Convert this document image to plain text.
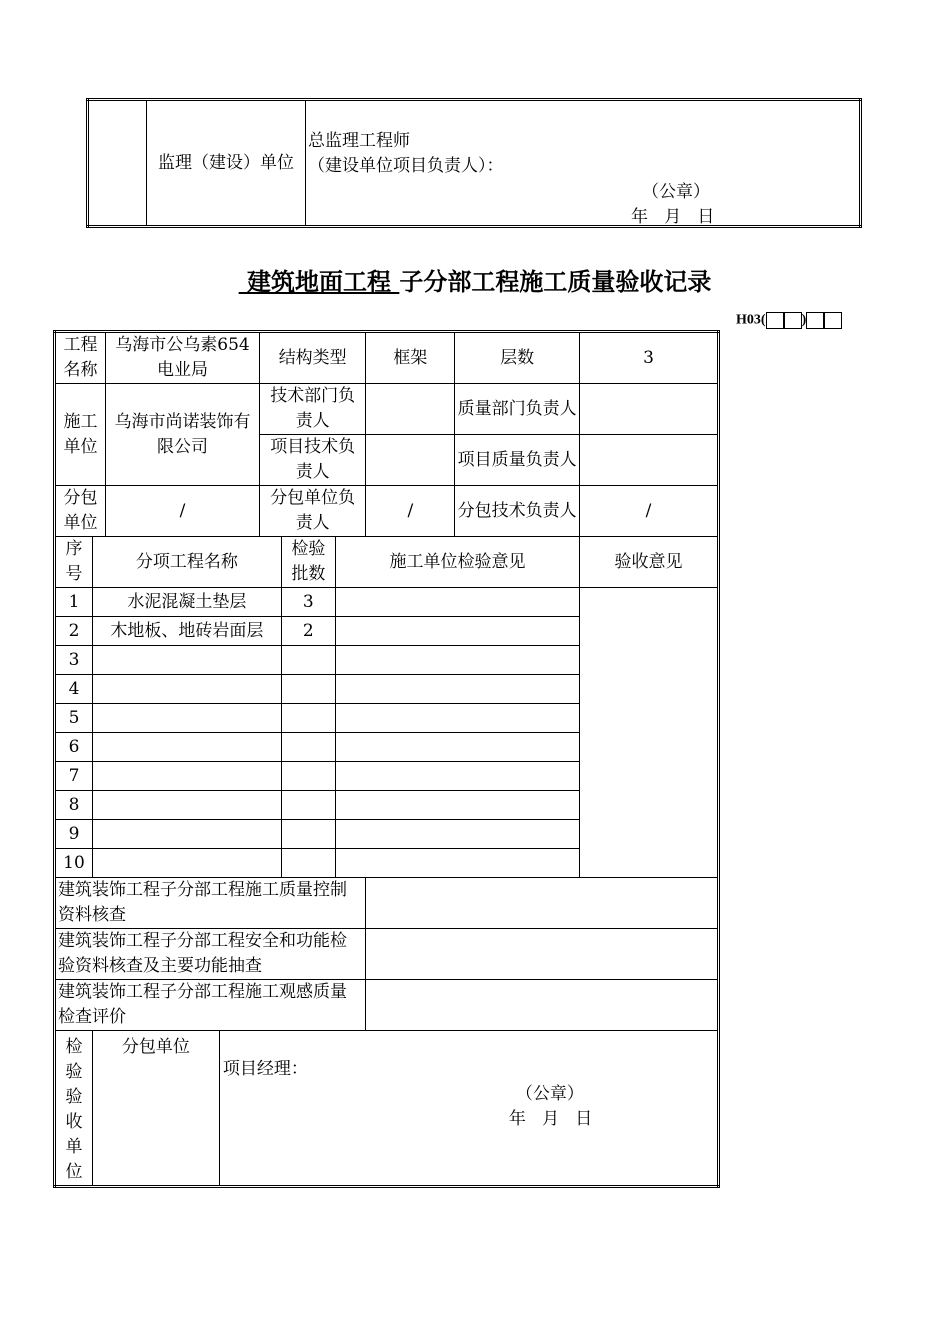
	监理（建设）单位	
总监理工程师
（建设单位项目负责人）：
（公章）
年   月   日
建筑地面工程 子分部工程施工质量验收记录
H03(	)
工程名称		乌海市公乌素654电业局		结构类型			框架	层数	3
施工单位		乌海市尚诺装饰有限公司		技术部门负责人				质量部门负责人	
				项目技术负责人				项目质量负责人	
分包单位		/		分包单位负责人			/	分包技术负责人	/
序号	分项工程名称				检验批数	施工单位检验意见			验收意见
1	水泥混凝土垫层				3				
2	木地板、地砖岩面层				2				
3									
4									
5									
6									
7									
8									
9									
10									
建筑装饰工程子分部工程施工质量控制资料核查									
建筑装饰工程子分部工程安全和功能检验资料核查及主要功能抽查									
建筑装饰工程子分部工程施工观感质量检查评价									
检验验收单位	分包单位		项目经理：
（公章）
年   月   日						
